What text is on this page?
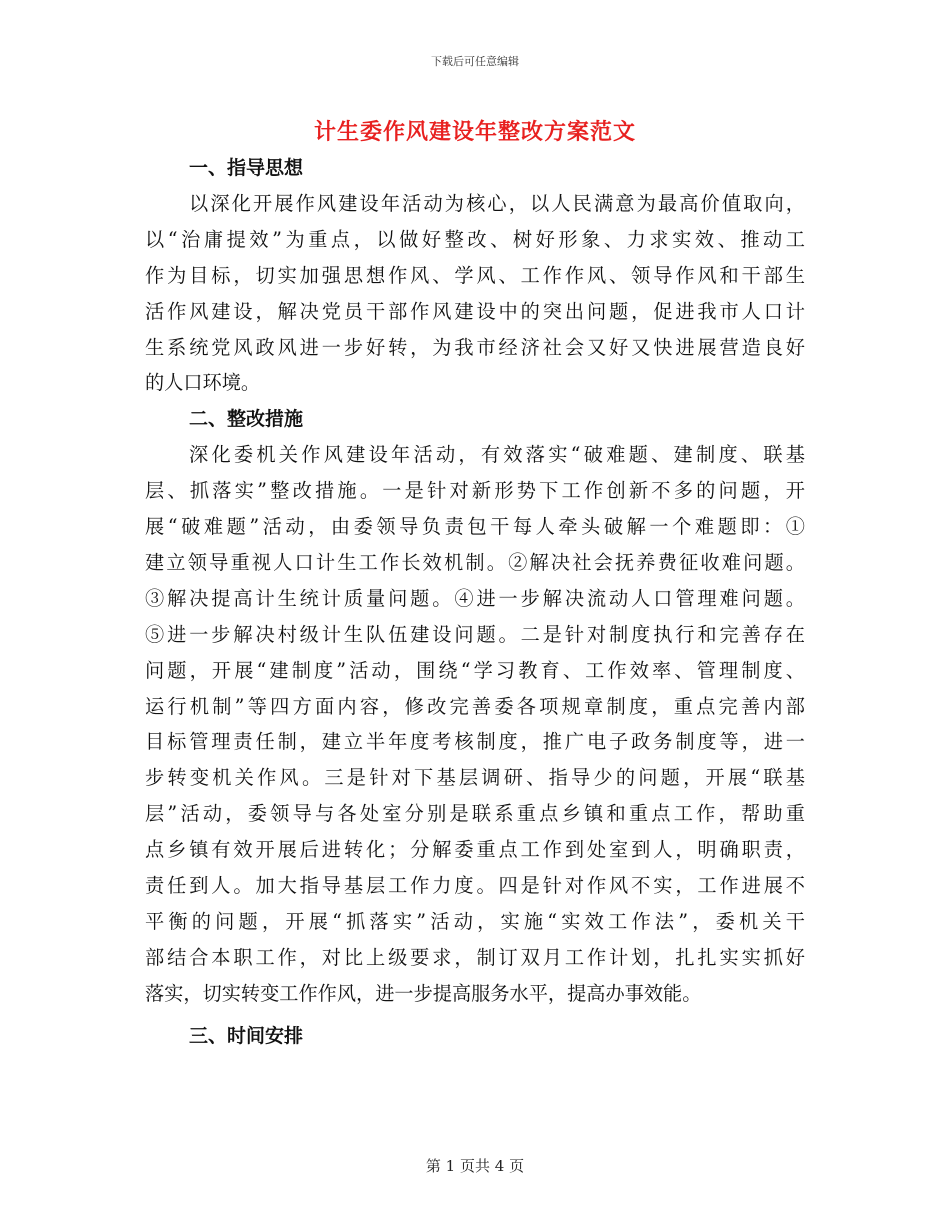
下载后可任意编辑
计生委作风建设年整改方案范文
一、指导思想
以深化开展作风建设年活动为核心，以人民满意为最高价值取向，
以“治庸提效”为重点，以做好整改、树好形象、力求实效、推动工
作为目标，切实加强思想作风、学风、工作作风、领导作风和干部生
活作风建设，解决党员干部作风建设中的突出问题，促进我市人口计
生系统党风政风进一步好转，为我市经济社会又好又快进展营造良好
的人口环境。
二、整改措施
深化委机关作风建设年活动，有效落实“破难题、建制度、联基
层、抓落实”整改措施。一是针对新形势下工作创新不多的问题，开
展“破难题”活动，由委领导负责包干每人牵头破解一个难题即：①
建立领导重视人口计生工作长效机制。②解决社会抚养费征收难问题。
③解决提高计生统计质量问题。④进一步解决流动人口管理难问题。
⑤进一步解决村级计生队伍建设问题。二是针对制度执行和完善存在
问题，开展“建制度”活动，围绕“学习教育、工作效率、管理制度、
运行机制”等四方面内容，修改完善委各项规章制度，重点完善内部
目标管理责任制，建立半年度考核制度，推广电子政务制度等，进一
步转变机关作风。三是针对下基层调研、指导少的问题，开展“联基
层”活动，委领导与各处室分别是联系重点乡镇和重点工作，帮助重
点乡镇有效开展后进转化；分解委重点工作到处室到人，明确职责，
责任到人。加大指导基层工作力度。四是针对作风不实，工作进展不
平衡的问题，开展“抓落实”活动，实施“实效工作法”，委机关干
部结合本职工作，对比上级要求，制订双月工作计划，扎扎实实抓好
落实，切实转变工作作风，进一步提高服务水平，提高办事效能。
三、时间安排
第 1 页共 4 页
